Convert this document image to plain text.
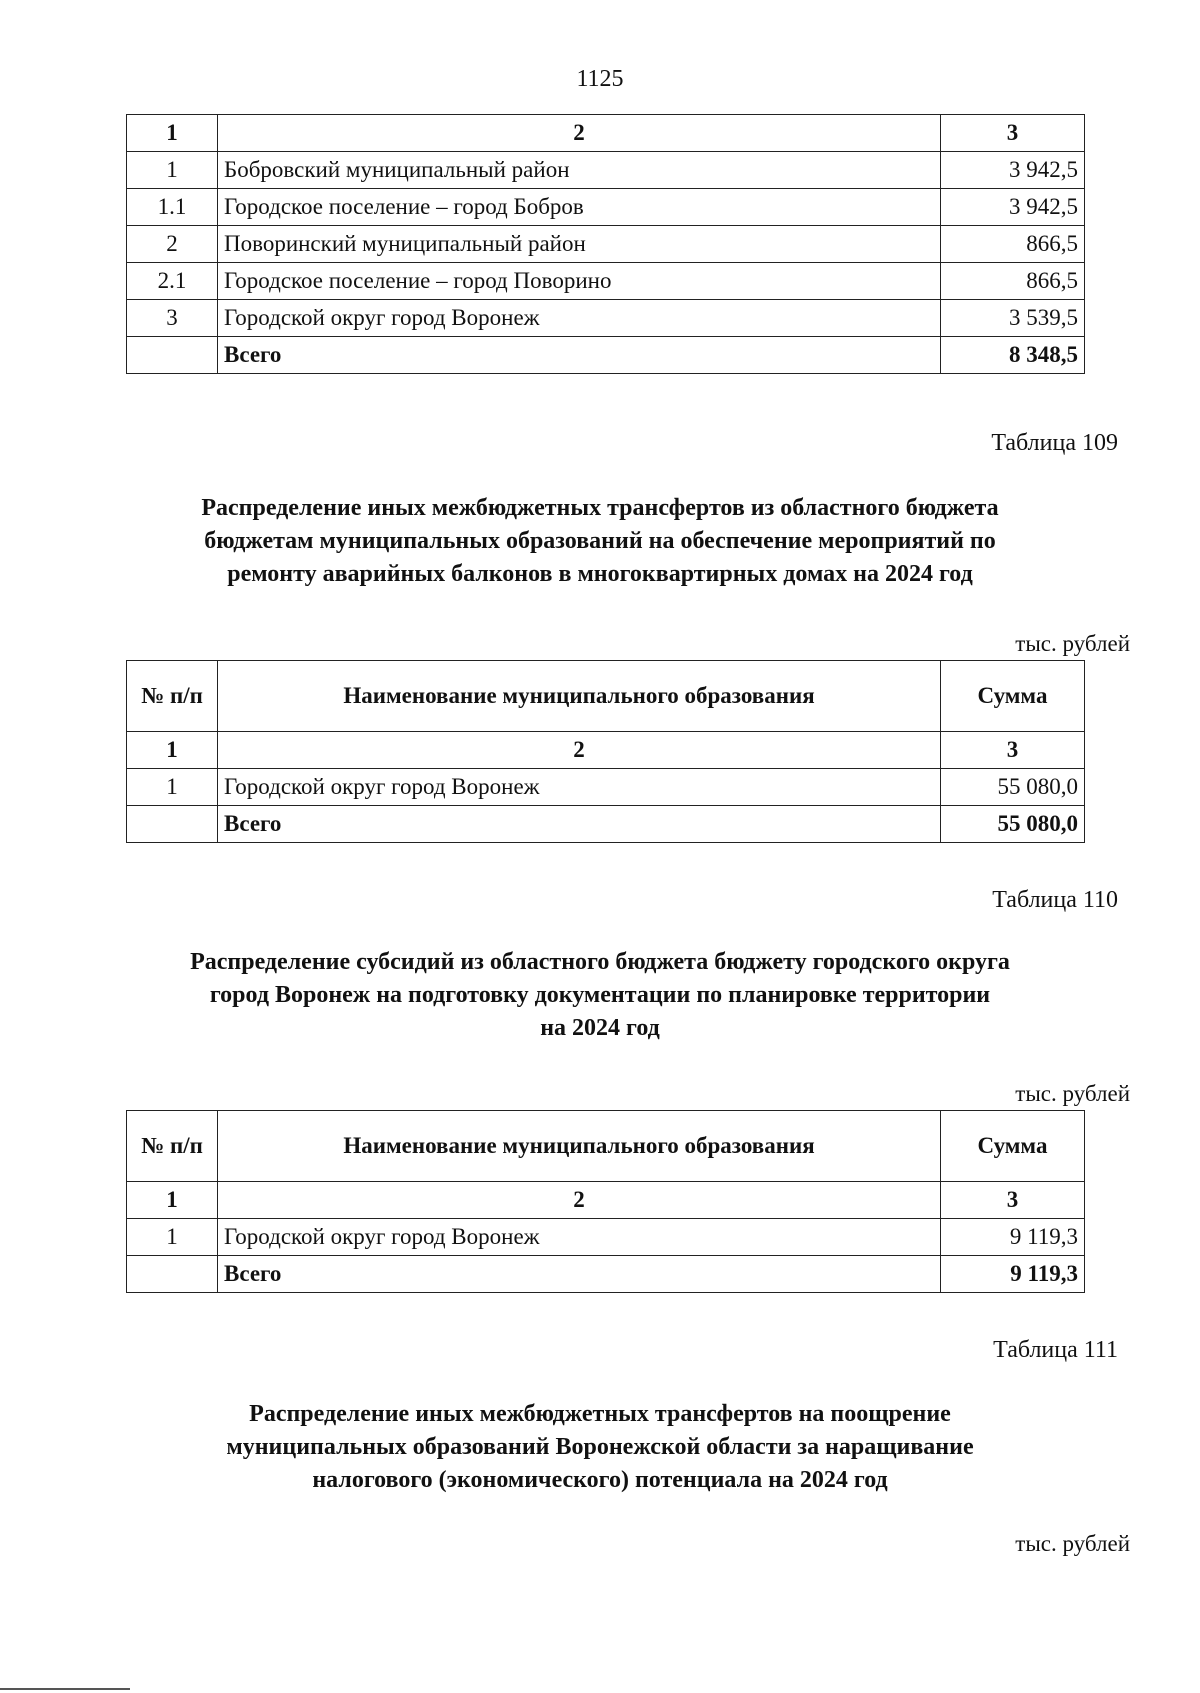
1125
1	2	3
1	Бобровский муниципальный район	3 942,5
1.1	Городское поселение – город Бобров	3 942,5
2	Поворинский муниципальный район	866,5
2.1	Городское поселение – город Поворино	866,5
3	Городской округ город Воронеж	3 539,5
	Всего	8 348,5
Таблица 109
Распределение иных межбюджетных трансфертов из областного бюджета
бюджетам муниципальных образований на обеспечение мероприятий по
ремонту аварийных балконов в многоквартирных домах на 2024 год
тыс. рублей
№ п/п	Наименование муниципального образования	Сумма
1	2	3
1	Городской округ город Воронеж	55 080,0
	Всего	55 080,0
Таблица 110
Распределение субсидий из областного бюджета бюджету городского округа
город Воронеж на подготовку документации по планировке территории
на 2024 год
тыс. рублей
№ п/п	Наименование муниципального образования	Сумма
1	2	3
1	Городской округ город Воронеж	9 119,3
	Всего	9 119,3
Таблица 111
Распределение иных межбюджетных трансфертов на поощрение
муниципальных образований Воронежской области за наращивание
налогового (экономического) потенциала на 2024 год
тыс. рублей
